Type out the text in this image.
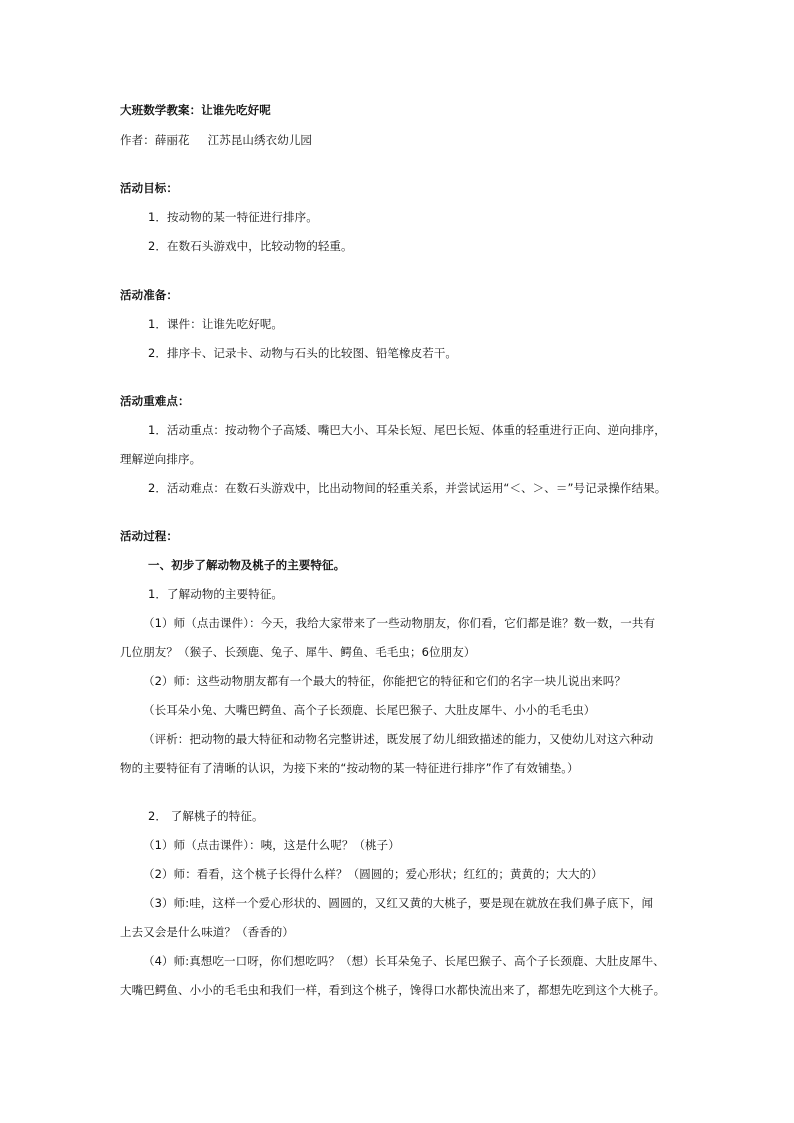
大班数学教案：让谁先吃好呢
作者：薛丽花 江苏昆山绣衣幼儿园
活动目标：
1．按动物的某一特征进行排序。
2．在数石头游戏中，比较动物的轻重。
活动准备：
1．课件：让谁先吃好呢。
2．排序卡、记录卡、动物与石头的比较图、铅笔橡皮若干。
活动重难点：
1．活动重点：按动物个子高矮、嘴巴大小、耳朵长短、尾巴长短、体重的轻重进行正向、逆向排序，
理解逆向排序。
2．活动难点：在数石头游戏中，比出动物间的轻重关系，并尝试运用“＜、＞、＝”号记录操作结果。
活动过程：
一、初步了解动物及桃子的主要特征。
1．了解动物的主要特征。
（1）师（点击课件）：今天，我给大家带来了一些动物朋友，你们看，它们都是谁？数一数，一共有
几位朋友？（猴子、长颈鹿、兔子、犀牛、鳄鱼、毛毛虫；6位朋友）
（2）师：这些动物朋友都有一个最大的特征，你能把它的特征和它们的名字一块儿说出来吗？
（长耳朵小兔、大嘴巴鳄鱼、高个子长颈鹿、长尾巴猴子、大肚皮犀牛、小小的毛毛虫）
（评析：把动物的最大特征和动物名完整讲述，既发展了幼儿细致描述的能力，又使幼儿对这六种动
物的主要特征有了清晰的认识，为接下来的“按动物的某一特征进行排序”作了有效铺垫。）
2． 了解桃子的特征。
（1）师（点击课件）：咦，这是什么呢？（桃子）
（2）师：看看，这个桃子长得什么样？（圆圆的；爱心形状；红红的；黄黄的；大大的）
（3）师:哇，这样一个爱心形状的、圆圆的，又红又黄的大桃子，要是现在就放在我们鼻子底下，闻
上去又会是什么味道？（香香的）
（4）师:真想吃一口呀，你们想吃吗？（想）长耳朵兔子、长尾巴猴子、高个子长颈鹿、大肚皮犀牛、
大嘴巴鳄鱼、小小的毛毛虫和我们一样，看到这个桃子，馋得口水都快流出来了，都想先吃到这个大桃子。
